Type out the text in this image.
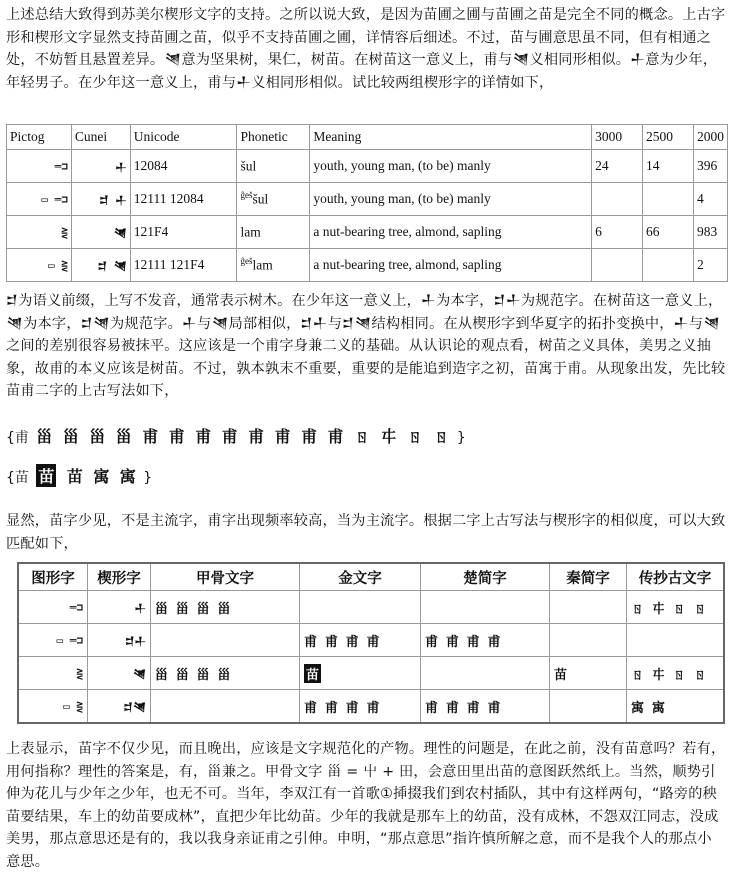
上述总结大致得到苏美尔楔形文字的支持。之所以说大致，是因为苗圃之圃与苗圃之苗是完全不同的概念。上古字形和楔形文字显然支持苗圃之苗，似乎不支持苗圃之圃，详情容后细述。不过，苗与圃意思虽不同，但有相通之处，不妨暂且悬置差异。𒇴意为坚果树，果仁，树苗。在树苗这一意义上，甫与𒇴义相同形相似。𒈦意为少年，年轻男子。在少年这一意义上，甫与𒈦义相同形相似。试比较两组楔形字的详情如下，
Pictog	Cunei	Unicode	Phonetic	Meaning	3000	2500	2000
═⊐	𒈦	12084	šul	youth, young man, (to be) manly	24	14	396
▭ ═⊐	𒄑 𒈦	12111 12084	$^{ĝeš}$šul	youth, young man, (to be) manly			4
⋛	𒇴	121F4	lam	a nut-bearing tree, almond, sapling	6	66	983
▭ ⋛	𒄑 𒇴	12111 121F4	$^{ĝeš}$lam	a nut-bearing tree, almond, sapling			2
𒄑为语义前缀，上写不发音，通常表示树木。在少年这一意义上，𒈦为本字，𒄑𒈦为规范字。在树苗这一意义上，𒇴为本字，𒄑𒇴为规范字。𒈦与𒇴局部相似，𒄑𒈦与𒄑𒇴结构相同。在从楔形字到华夏字的拓扑变换中，𒈦与𒇴之间的差别很容易被抹平。这应该是一个甫字身兼二义的基础。从认识论的观点看，树苗之义具体，美男之义抽象，故甫的本义应该是树苗。不过，孰本孰末不重要，重要的是能追到造字之初，苗寓于甫。从现象出发，先比较苗甫二字的上古写法如下，
{甫 甾 甾 甾 甾 甫 甫 甫 甫 甫 甫 甫 甫 ㄖ 㐄 ㄖ ㄖ }
{苗 苗 苗 㝢 㝢 }
显然，苗字少见，不是主流字，甫字出现频率较高，当为主流字。根据二字上古写法与楔形字的相似度，可以大致匹配如下，
图形字	楔形字	甲骨文字	金文字	楚简字	秦简字	传抄古文字
═⊐	𒈦	甾 甾 甾 甾				ㄖ 㐄 ㄖ ㄖ
▭ ═⊐	𒄑𒈦		甫 甫 甫 甫	甫 甫 甫 甫		
⋛	𒇴	甾 甾 甾 甾	苗		苗	ㄖ 㐄 ㄖ ㄖ
▭ ⋛	𒄑𒇴		甫 甫 甫 甫	甫 甫 甫 甫		㝢 㝢
上表显示，苗字不仅少见，而且晚出，应该是文字规范化的产物。理性的问题是，在此之前，没有苗意吗？若有，用何指称？理性的答案是，有，甾兼之。甲骨文字 甾 = 屮 + 田，会意田里出苗的意图跃然纸上。当然，顺势引伸为花儿与少年之少年，也无不可。当年，李双江有一首歌①揷掇我们到农村插队，其中有这样两句，“路旁的秧苗要结果，车上的幼苗要成林”，直把少年比幼苗。少年的我就是那车上的幼苗，没有成林，不怨双江同志，没成美男，那点意思还是有的，我以我身亲证甫之引伸。申明，“那点意思”指许慎所解之意，而不是我个人的那点小意思。
